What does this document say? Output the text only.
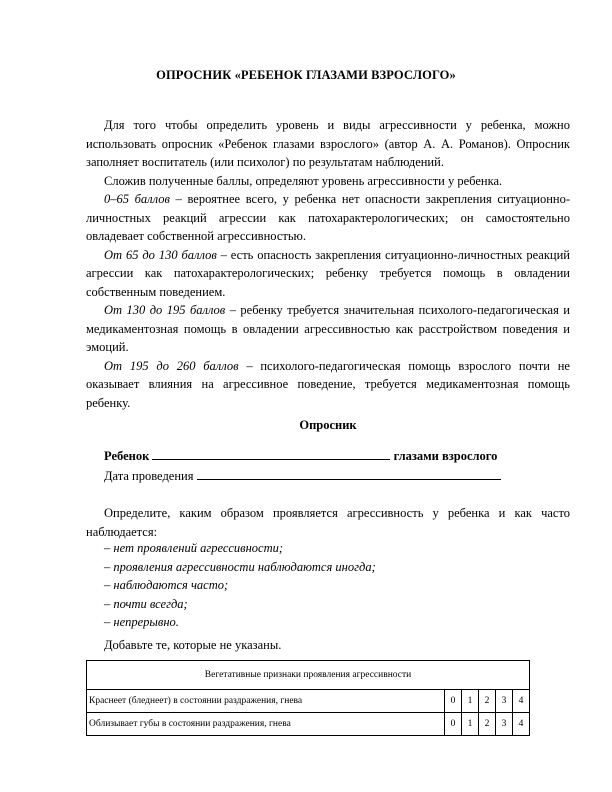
ОПРОСНИК «РЕБЕНОК ГЛАЗАМИ ВЗРОСЛОГО»

Для того чтобы определить уровень и виды агрессивности у ребенка, можно использовать опросник «Ребенок глазами взрослого» (автор А. А. Романов). Опросник заполняет воспитатель (или психолог) по результатам наблюдений.

Сложив полученные баллы, определяют уровень агрессивности у ребенка.

0–65 баллов – вероятнее всего, у ребенка нет опасности закрепления ситуационно-личностных реакций агрессии как патохарактерологических; он самостоятельно овладевает собственной агрессивностью.

От 65 до 130 баллов – есть опасность закрепления ситуационно-личностных реакций агрессии как патохарактерологических; ребенку требуется помощь в овладении собственным поведением.

От 130 до 195 баллов – ребенку требуется значительная психолого-педагогическая и медикаментозная помощь в овладении агрессивностью как расстройством поведения и эмоций.

От 195 до 260 баллов – психолого-педагогическая помощь взрослого почти не оказывает влияния на агрессивное поведение, требуется медикаментозная помощь ребенку.

Опросник
Ребенок	глазами взрослого
Дата проведения

Определите, каким образом проявляется агрессивность у ребенка и как часто наблюдается:

– нет проявлений агрессивности;
– проявления агрессивности наблюдаются иногда;
– наблюдаются часто;
– почти всегда;
– непрерывно.
Добавьте те, которые не указаны.
Вегетативные признаки проявления агрессивности					
Краснеет (бледнеет) в состоянии раздражения, гнева	0	1	2	3	4
Облизывает губы в состоянии раздражения, гнева	0	1	2	3	4
